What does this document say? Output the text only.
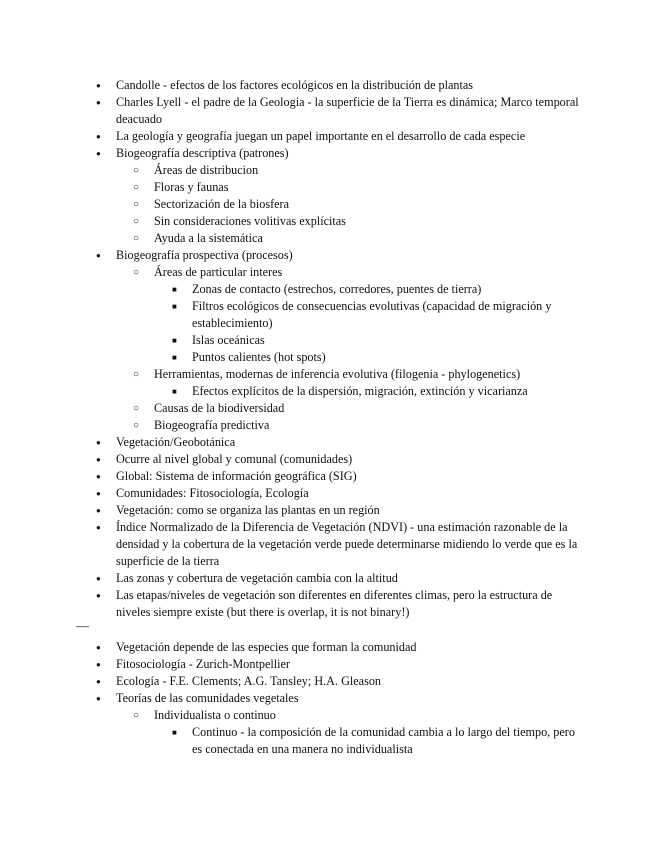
● Candolle - efectos de los factores ecológicos en la distribución de plantas
● Charles Lyell - el padre de la Geologia - la superficie de la Tierra es dinámica; Marco temporal deacuado
● La geología y geografía juegan un papel importante en el desarrollo de cada especie
● Biogeografía descriptiva (patrones)
○ Áreas de distribucion
○ Floras y faunas
○ Sectorización de la biosfera
○ Sin consideraciones volitivas explícitas
○ Ayuda a la sistemática
● Biogeografía prospectiva (procesos)
○ Áreas de particular interes
■ Zonas de contacto (estrechos, corredores, puentes de tierra)
■ Filtros ecológicos de consecuencias evolutivas (capacidad de migración y establecimiento)
■ Islas oceánicas
■ Puntos calientes (hot spots)
○ Herramientas, modernas de inferencia evolutiva (filogenia - phylogenetics)
■ Efectos explícitos de la dispersión, migración, extinción y vicarianza
○ Causas de la biodiversidad
○ Biogeografía predictiva
● Vegetación/Geobotánica
● Ocurre al nivel global y comunal (comunidades)
● Global: Sistema de información geográfica (SIG)
● Comunidades: Fitosociología, Ecología
● Vegetación: como se organiza las plantas en un región
● Índice Normalizado de la Diferencia de Vegetación (NDVI) - una estimación razonable de la densidad y la cobertura de la vegetación verde puede determinarse midiendo lo verde que es la superficie de la tierra
● Las zonas y cobertura de vegetación cambia con la altitud
● Las etapas/niveles de vegetación son diferentes en diferentes climas, pero la estructura de niveles siempre existe (but there is overlap, it is not binary!)
—
● Vegetación depende de las especies que forman la comunidad
● Fitosociología - Zurich-Montpellier
● Ecología - F.E. Clements; A.G. Tansley; H.A. Gleason
● Teorías de las comunidades vegetales
○ Individualista o continuo
■ Continuo - la composición de la comunidad cambia a lo largo del tiempo, pero es conectada en una manera no individualista
